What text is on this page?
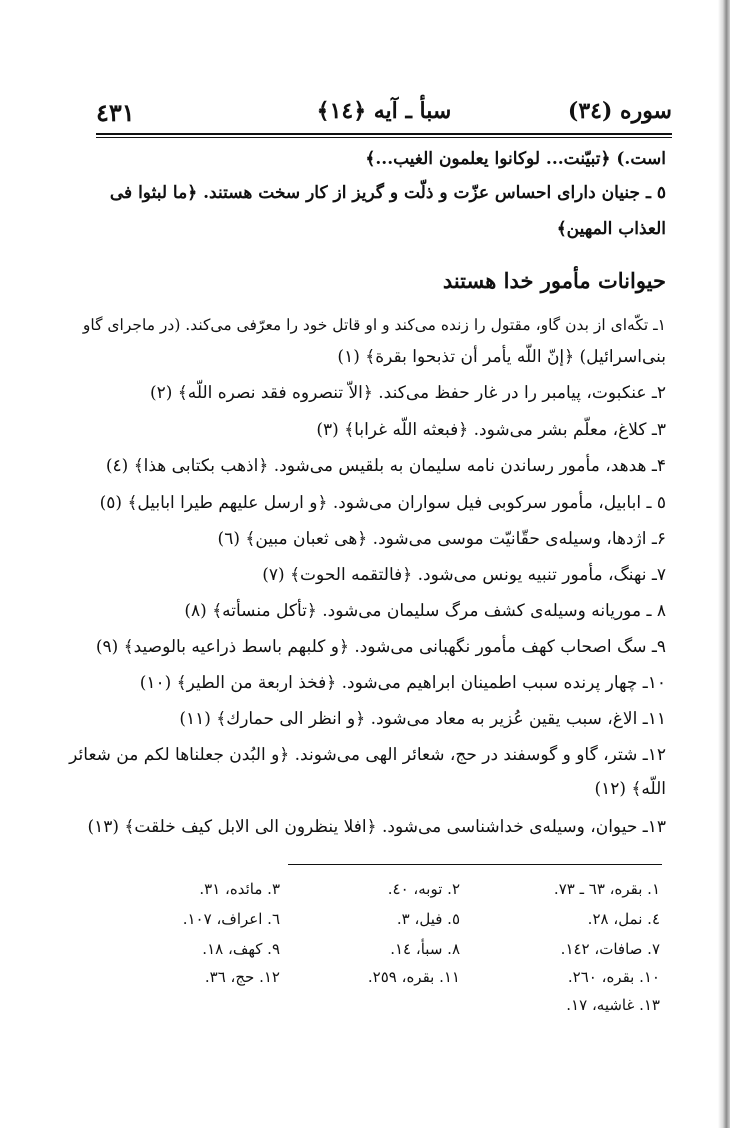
سوره (٣٤)
سبأ ـ آيه ﴿١٤﴾
٤٣١
است.) ﴿تبيّنت... لوكانوا يعلمون الغيب...﴾
٥ ـ جنيان داراى احساس عزّت و ذلّت و گريز از كار سخت هستند. ﴿ما لبثوا فى
العذاب المهين﴾
حيوانات مأمور خدا هستند
١ـ تكّه‌اى از بدن گاو، مقتول را زنده مى‌كند و او قاتل خود را معرّفى مى‌كند. (در ماجراى گاو
بنى‌اسرائيل) ﴿إنّ اللّه يأمر أن تذبحوا بقرة﴾ (١)
٢ـ عنكبوت، پيامبر را در غار حفظ مى‌كند. ﴿الاّ تنصروه فقد نصره اللّه﴾ (٢)
٣ـ كلاغ، معلّم بشر مى‌شود. ﴿فبعثه اللّه غرابا﴾ (٣)
۴ـ هدهد، مأمور رساندن نامه سليمان به بلقيس مى‌شود. ﴿اذهب بكتابى هذا﴾ (٤)
٥ ـ ابابيل، مأمور سركوبى فيل سواران مى‌شود. ﴿و ارسل عليهم طيرا ابابيل﴾ (٥)
۶ـ اژدها، وسيله‌ى حقّانيّت موسى مى‌شود. ﴿هى ثعبان مبين﴾ (٦)
٧ـ نهنگ، مأمور تنبيه يونس مى‌شود. ﴿فالتقمه الحوت﴾ (٧)
٨ ـ موريانه وسيله‌ى كشف مرگ سليمان مى‌شود. ﴿تأكل منسأته﴾ (٨)
٩ـ سگ اصحاب كهف مأمور نگهبانى مى‌شود. ﴿و كلبهم باسط ذراعيه بالوصيد﴾ (٩)
١٠ـ چهار پرنده سبب اطمينان ابراهيم مى‌شود. ﴿فخذ اربعة من الطير﴾ (١٠)
١١ـ الاغ، سبب يقين عُزير به معاد مى‌شود. ﴿و انظر الى حمارك﴾ (١١)
١٢ـ شتر، گاو و گوسفند در حج، شعائر الهى مى‌شوند. ﴿و البُدن جعلناها لكم من شعائر
اللّه﴾ (١٢)
١٣ـ حيوان، وسيله‌ى خداشناسى مى‌شود. ﴿افلا ينظرون الى الابل كيف خلقت﴾ (١٣)
١. بقره، ٦٣ ـ ٧٣.
٢. توبه، ٤٠.
٣. مائده، ٣١.
٤. نمل، ٢٨.
٥. فيل، ٣.
٦. اعراف، ١٠٧.
٧. صافات، ١٤٢.
٨. سبأ، ١٤.
٩. كهف، ١٨.
١٠. بقره، ٢٦٠.
١١. بقره، ٢٥٩.
١٢. حج، ٣٦.
١٣. غاشيه، ١٧.
